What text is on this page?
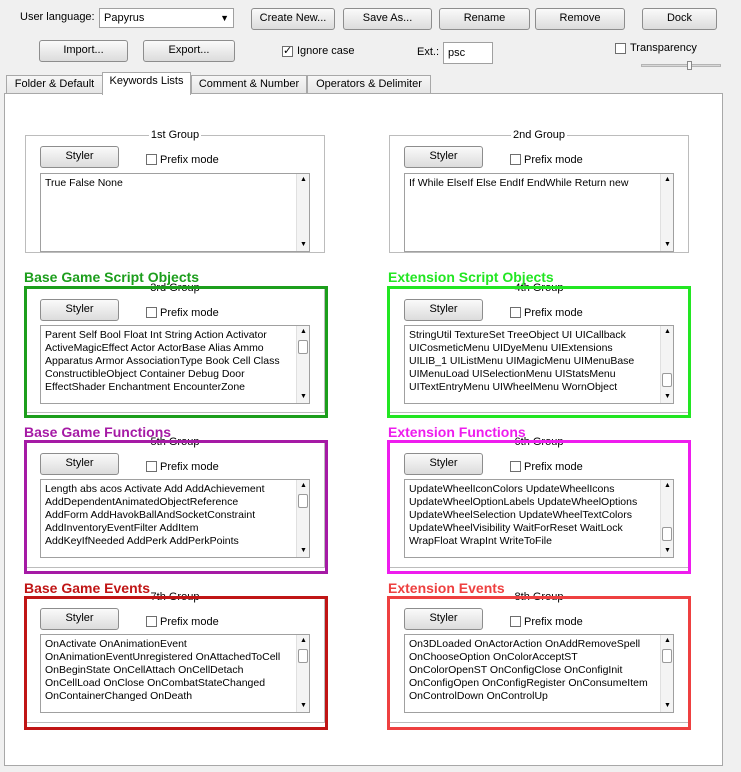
User language: Papyrus	▼	Create New...	Save As...	Rename	Remove	Dock
Import...	Export...
✓	Ignore case	Ext.: psc	Transparency
Folder & Default	Keywords Lists	Comment & Number	Operators & Delimiter
1st Group
Styler	Prefix mode
True False None	▲
▼
2nd Group
Styler	Prefix mode
If While ElseIf Else EndIf EndWhile Return new	▲
▼
3rd Group
Styler	Prefix mode
Parent Self Bool Float Int String Action Activator
ActiveMagicEffect Actor ActorBase Alias Ammo
Apparatus Armor AssociationType Book Cell Class
ConstructibleObject Container Debug Door
EffectShader Enchantment EncounterZone
▲
▼
4th Group
Styler	Prefix mode
StringUtil TextureSet TreeObject UI UICallback
UICosmeticMenu UIDyeMenu UIExtensions
UILIB_1 UIListMenu UIMagicMenu UIMenuBase
UIMenuLoad UISelectionMenu UIStatsMenu
UITextEntryMenu UIWheelMenu WornObject
▲
▼
5th Group
Styler	Prefix mode
Length abs acos Activate Add AddAchievement
AddDependentAnimatedObjectReference
AddForm AddHavokBallAndSocketConstraint
AddInventoryEventFilter AddItem
AddKeyIfNeeded AddPerk AddPerkPoints
▲
▼
6th Group
Styler	Prefix mode
UpdateWheelIconColors UpdateWheelIcons
UpdateWheelOptionLabels UpdateWheelOptions
UpdateWheelSelection UpdateWheelTextColors
UpdateWheelVisibility WaitForReset WaitLock
WrapFloat WrapInt WriteToFile
▲
▼
7th Group
Styler	Prefix mode
OnActivate OnAnimationEvent
OnAnimationEventUnregistered OnAttachedToCell
OnBeginState OnCellAttach OnCellDetach
OnCellLoad OnClose OnCombatStateChanged
OnContainerChanged OnDeath
▲
▼
8th Group
Styler	Prefix mode
On3DLoaded OnActorAction OnAddRemoveSpell
OnChooseOption OnColorAcceptST
OnColorOpenST OnConfigClose OnConfigInit
OnConfigOpen OnConfigRegister OnConsumeItem
OnControlDown OnControlUp
▲
▼
Base Game Script Objects	Extension Script Objects
Base Game Functions	Extension Functions
Base Game Events	Extension Events
